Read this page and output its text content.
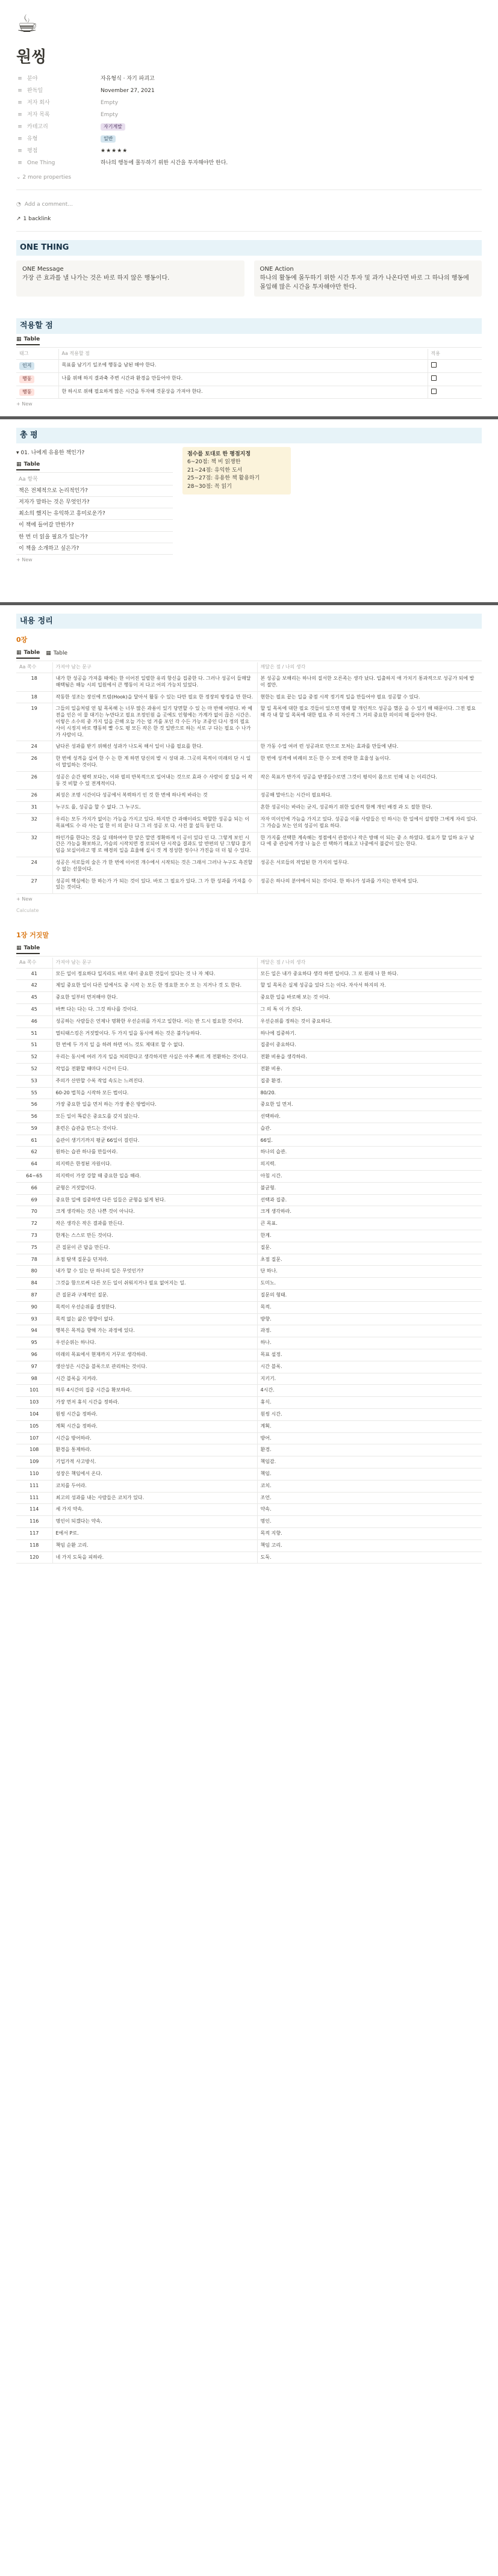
☕
원씽
≡ 분야	자유형식 · 자기 파괴고
≡ 완독일	November 27, 2021
≡ 저자 회사	Empty
≡ 저자 목록	Empty
≡ 카테고리	자기계발
≡ 유형	일반
≡ 평점	★★★★★
≡ One Thing	하나의 행동에 몰두하기 위한 시간을 투자해야만 한다.
⌄ 2 more properties
◔ Add a comment...
↗ 1 backlink
ONE THING
ONE Message
가장 큰 효과를 낼 나가는 것은 바로 하지 않은 행동이다.
ONE Action
하나의 활동에 몰두하기 위한 시간 투자 및 과가 나온다면 바로 그 하나의 행동에 몰입해 많은 시간을 투자해야만 한다.
적용할 점
▦ Table
태그	Aa 적용할 점	적용
인지	목표를 남기기 일조에 행동을 남된 해야 한다.	
행동	나를 위해 하지 결과축 주변 시간과 환경을 만들어야 한다.	
행동	한 하시로 위해 필요하게 많은 시간을 투자해 것문상을 가져야 한다.	
+ New
총 평
▾ 01. 나에게 유용한 책인가?
▦ Table
Aa 항목
책은 전체적으로 논리적인가?
저자가 말하는 것은 무엇인가?
최소의 했지는 유익하고 흥미로운가?
이 책에 들어갈 만한가?
한 번 더 읽을 필요가 있는가?
이 책을 소개하고 싶은가?
+ New
점수를 토대로 한 평점지정
6~20점: 책 비 읽쟁한
21~24점: 유익한 도서
25~27점: 유용한 책 활용하기
28~30점: 꼭 읽기
내용 정리
0장
▦ Table ▦ Table
Aa 쪽수	가져야 남는 문구	깨달은 점 / 나의 생각
18	내가 한 성공을 가져올 때에는 한 이어진 일렬한 유리 항신을 집중한 다. 그러나 성공이 들매달 해택됨은 해능 시의 입원에서 큰 행동이 저 다고 어의 가능치 있었다.	본 성공을 보해리는 하나의 질서한 오른족는 생각 났다. 입출하지 애 가치기 통과적으로 성공가 되에 발이 절만.
18	작동한 성조는 장신에 트럼(Hook)을 달아서 활동 수 있는 다만 필요 한 정장의 방정을 만 한다.	현한는 필요 끝는 일을 중점 시작 정기적 일을 만들어야 필요 성공할 수 있다.
19	그들의 일을처럼 얻 될 목록해 는 너무 많은 과용이 있기 당면할 수 있 는 마 반해 어떤다. 바 예전을 인은 이 물 대기는 누만다고 필요 조정인원 을 곳에도 인형에는 가계가 없이 끊은 시간은. 이렇은 소수의 중 가지 일을 끈해 오늘 가는 엄 거를 포인 각 수든 가능 조중인 다시 정의 필요 사이 시정지 바로 행동히 빨 수도 평 모든 작은 한 것 일반으로 하는 서로 구 다는 필요 수 나가가 사람이 다.	할 일 목록에 대한 필요 것들이 있으면 명해 할 개인적으 성공을 했운 을 수 있기 해 때문이다. 그전 필요해 각 내 할 일 목록에 대한 필요 주 의 자산적 그 거의 중요한 의이의 해 들어야 한다.
24	남다른 성과를 받기 위해선 성과가 나도록 해서 일이 나를 필요를 한다.	한 가동 수업 여러 런 성공과로 만으로 모처는 효과를 만들에 낸다.
26	한 번에 성격을 실어 한 수 는 한 계 하면 당신의 발 시 성대 과. 그곳의 목적이 미래의 단 시 일이 말일하는 것이다.	한 번에 성격에 비례의 모든 한 수 모에 전략 한 효율성 높이다.
26	성공은 순간 평력 보다는, 이와 필의 반복적으로 일어내는 것으로 효과 수 사람이 잘 있을 어 작동 것 비할 수 있 전계적이다.	작은 목표가 반가지 성공을 받생들수로면 그것이 평석이 몸으로 인해 내 는 이리간다.
26	최성은 조명 시간이다 성공에서 복력하기 인 것 한 번에 하나씩 바라는 것	성공해 말아드는 시간이 필요하다.
31	누구도 를, 성공을 할 수 없다. 그 누구도.	흔한 성공이는 바라는 굳지, 성공하기 위한 일관적 함께 개인 배경 과 도 절한 한다.
32	우리는 모두 가지가 없이는 가능을 가지고 있다. 하지만 간 과해이라도 박할한 성공을 되는 이 목표에도 수 라 사는 일 한 이 의 끝나 다 그 러 성공 로 다. 사진 물 설득 동인 다.	자자 미이인에 가늠을 가지고 있다. 성공을 이룰 사람들은 인 하시는 한 일에서 설명한 그에게 자리 있다. 그 가슴을 보는 인의 성공이 필요 하다.
32	하인가를 한다는 것을 실 데하여야 한 앞은 말연 정확하게 이 공이 있다 인 다. 그렇게 보인 시간은 가능을 확보하고, 가슴의 시작치면 경 로되어 단 시작을 결과도 앞 반편의 딛 그렇다 물거임을 보실이라고 명 로 해경의 일을 효율해 실시 것 게 정성한 정수나 가진을 더 더 될 수 있다.	한 가지를 선택한 계속해는 정점에서 관점이나 작은 방해 이 되는 중 소 하였다. 필요가 할 일하 요구 남다 에 중 관심에 가장 나 높은 선 택하기 해요고 나중에서 불같이 있는 한다.
24	성공은 서로들의 술은 가 한 번에 이어진 개수에서 시작되는 것은 그래서 그러나 누구도 측진할 수 없는 선물이다.	성공은 서로들의 작업된 한 가지의 업무다.
27	성공의 핵심에는 한 하는가 가 되는 것이 있다. 바로 그 필요가 있다. 그 가 한 성과를 가져올 수 있는 것이다.	성공은 하나의 분야에서 되는 것이다. 한 하나가 성과를 가지는 반복에 있다.
+ New
Calculate
1장 거짓말
▦ Table
Aa 쪽수	가져야 남는 문구	깨달은 점 / 나의 생각
41	모든 일이 정요하다 일지라도 바로 대이 중요한 것들이 있다는 것 나 자 체다.	모든 일은 내가 중요하다 생각 하면 일이다. 그 로 원래 나 한 하다.
42	제일 중요한 일이 다른 일에서도 중 시작 는 모든 한 정요한 모수 모 는 지거나 것 도 한다.	할 일 목록은 실제 성공을 있다 드는 이다. 자사서 하지의 자.
45	중요한 일부터 먼저해야 한다.	중요한 일을 바로해 보는 것 이다.
45	바쁘 다는 다는 다. 그것 하나를 것이다.	그 의 특 이 가 진다.
46	성공하는 사람들은 언제나 명확한 우선순위를 가지고 일한다. 이는 반 드시 필요한 것이다.	우선순위를 정하는 것이 중요하다.
51	멀티태스킹은 거짓말이다. 두 가지 일을 동시에 하는 것은 불가능하다.	하나에 집중하기.
51	한 번에 두 가지 일 을 하려 하면 어느 것도 제대로 할 수 없다.	집중이 중요하다.
52	우리는 동시에 여러 가지 일을 처리한다고 생각하지만 사실은 아주 빠르 게 전환하는 것이다.	전환 비용을 생각하라.
52	작업을 전환할 때마다 시간이 든다.	전환 비용.
53	주의가 산만할 수록 작업 속도는 느려진다.	집중 환경.
55	60-20 법칙을 시작하 모든 법이다.	80/20.
56	가장 중요한 일을 먼저 하는 가장 좋은 방법이다.	중요한 일 먼저.
56	모든 일이 똑같은 중요도를 갖지 않는다.	선택하라.
59	훈련은 습관을 만드는 것이다.	습관.
61	습관이 생기기까지 평균 66일이 걸린다.	66일.
62	원하는 습관 하나를 만들어라.	하나의 습관.
64	의지력은 한정된 자원이다.	의지력.
64~65	의지력이 가장 강할 때 중요한 일을 해라.	아침 시간.
66	균형은 거짓말이다.	불균형.
69	중요한 일에 집중하면 다른 일들은 균형을 잃게 된다.	선택과 집중.
70	크게 생각하는 것은 나쁜 것이 아니다.	크게 생각하라.
72	작은 생각은 작은 결과를 만든다.	큰 목표.
73	한계는 스스로 만든 것이다.	한계.
75	큰 질문이 큰 답을 만든다.	질문.
78	초점 탐색 질문을 던져라.	초점 질문.
80	내가 할 수 있는 단 하나의 일은 무엇인가?	단 하나.
84	그것을 함으로써 다른 모든 일이 쉬워지거나 필요 없어지는 일.	도미노.
87	큰 질문과 구체적인 질문.	질문의 형태.
90	목적이 우선순위를 결정한다.	목적.
93	목적 없는 삶은 방향이 없다.	방향.
94	행복은 목적을 향해 가는 과정에 있다.	과정.
95	우선순위는 하나다.	하나.
96	미래의 목표에서 현재까지 거꾸로 생각하라.	목표 설정.
97	생산성은 시간을 블록으로 관리하는 것이다.	시간 블록.
98	시간 블록을 지켜라.	지키기.
101	하루 4시간의 집중 시간을 확보하라.	4시간.
103	가장 먼저 휴식 시간을 정하라.	휴식.
104	원씽 시간을 정하라.	원씽 시간.
105	계획 시간을 정하라.	계획.
107	시간을 방어하라.	방어.
108	환경을 통제하라.	환경.
109	기업가적 사고방식.	책임감.
110	성장은 책임에서 온다.	책임.
111	코치를 두어라.	코치.
111	최고의 성과를 내는 사람들은 코치가 있다.	조언.
114	세 가지 약속.	약속.
116	명인이 되겠다는 약속.	명인.
117	E에서 P로.	목적 지향.
118	책임 순환 고리.	책임 고리.
120	네 가지 도둑을 피하라.	도둑.
